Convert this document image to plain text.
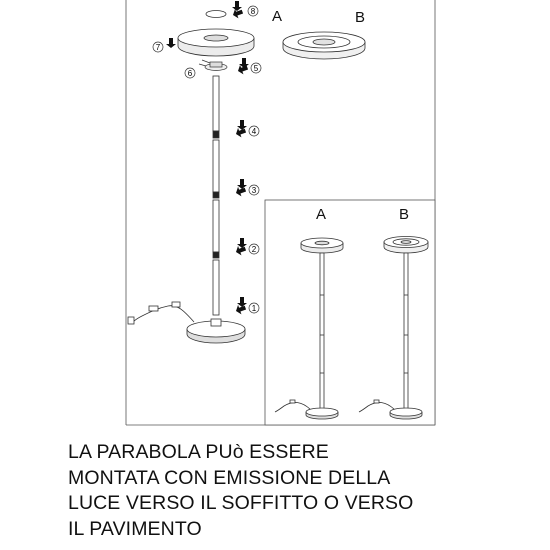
8
7
6
5
4
3
2
1
A	B
A	B

LA PARABOLA PUò ESSERE
MONTATA CON EMISSIONE DELLA
LUCE VERSO IL SOFFITTO O VERSO
IL PAVIMENTO
